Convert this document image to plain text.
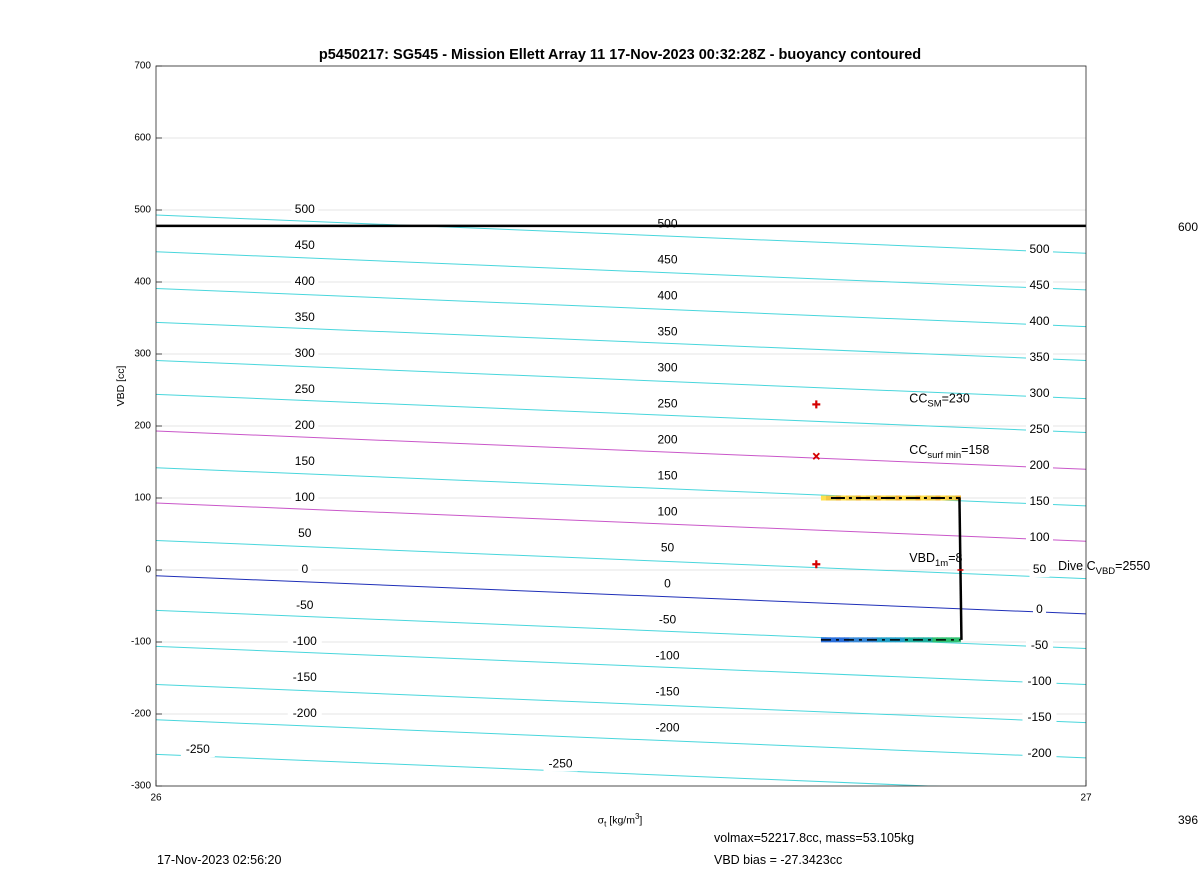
500
450
400
350
300
250
200
150
100
50
0
-50
-100
-150
-200
-250
500
450
400
350
300
250
200
150
100
50
0
-50
-100
-150
-200
-250
500
450
400
350
300
250
200
150
100
50
0
-50
-100
-150
-200
$CC_{SM}=230$
$CC_{surf min}=158$
$VBD_{1m}=8$
Dive $C_{VBD}=2550$
700
600
500
400
300
200
100
0
-100
-200
-300
26	27
p5450217: SG545 - Mission Ellett Array 11 17-Nov-2023 00:32:28Z - buoyancy contoured
VBD [cc]
$\sigma_t$ $[kg/m^3]$
600
396
17-Nov-2023 02:56:20
volmax=52217.8cc, mass=53.105kg
VBD bias = -27.3423cc
